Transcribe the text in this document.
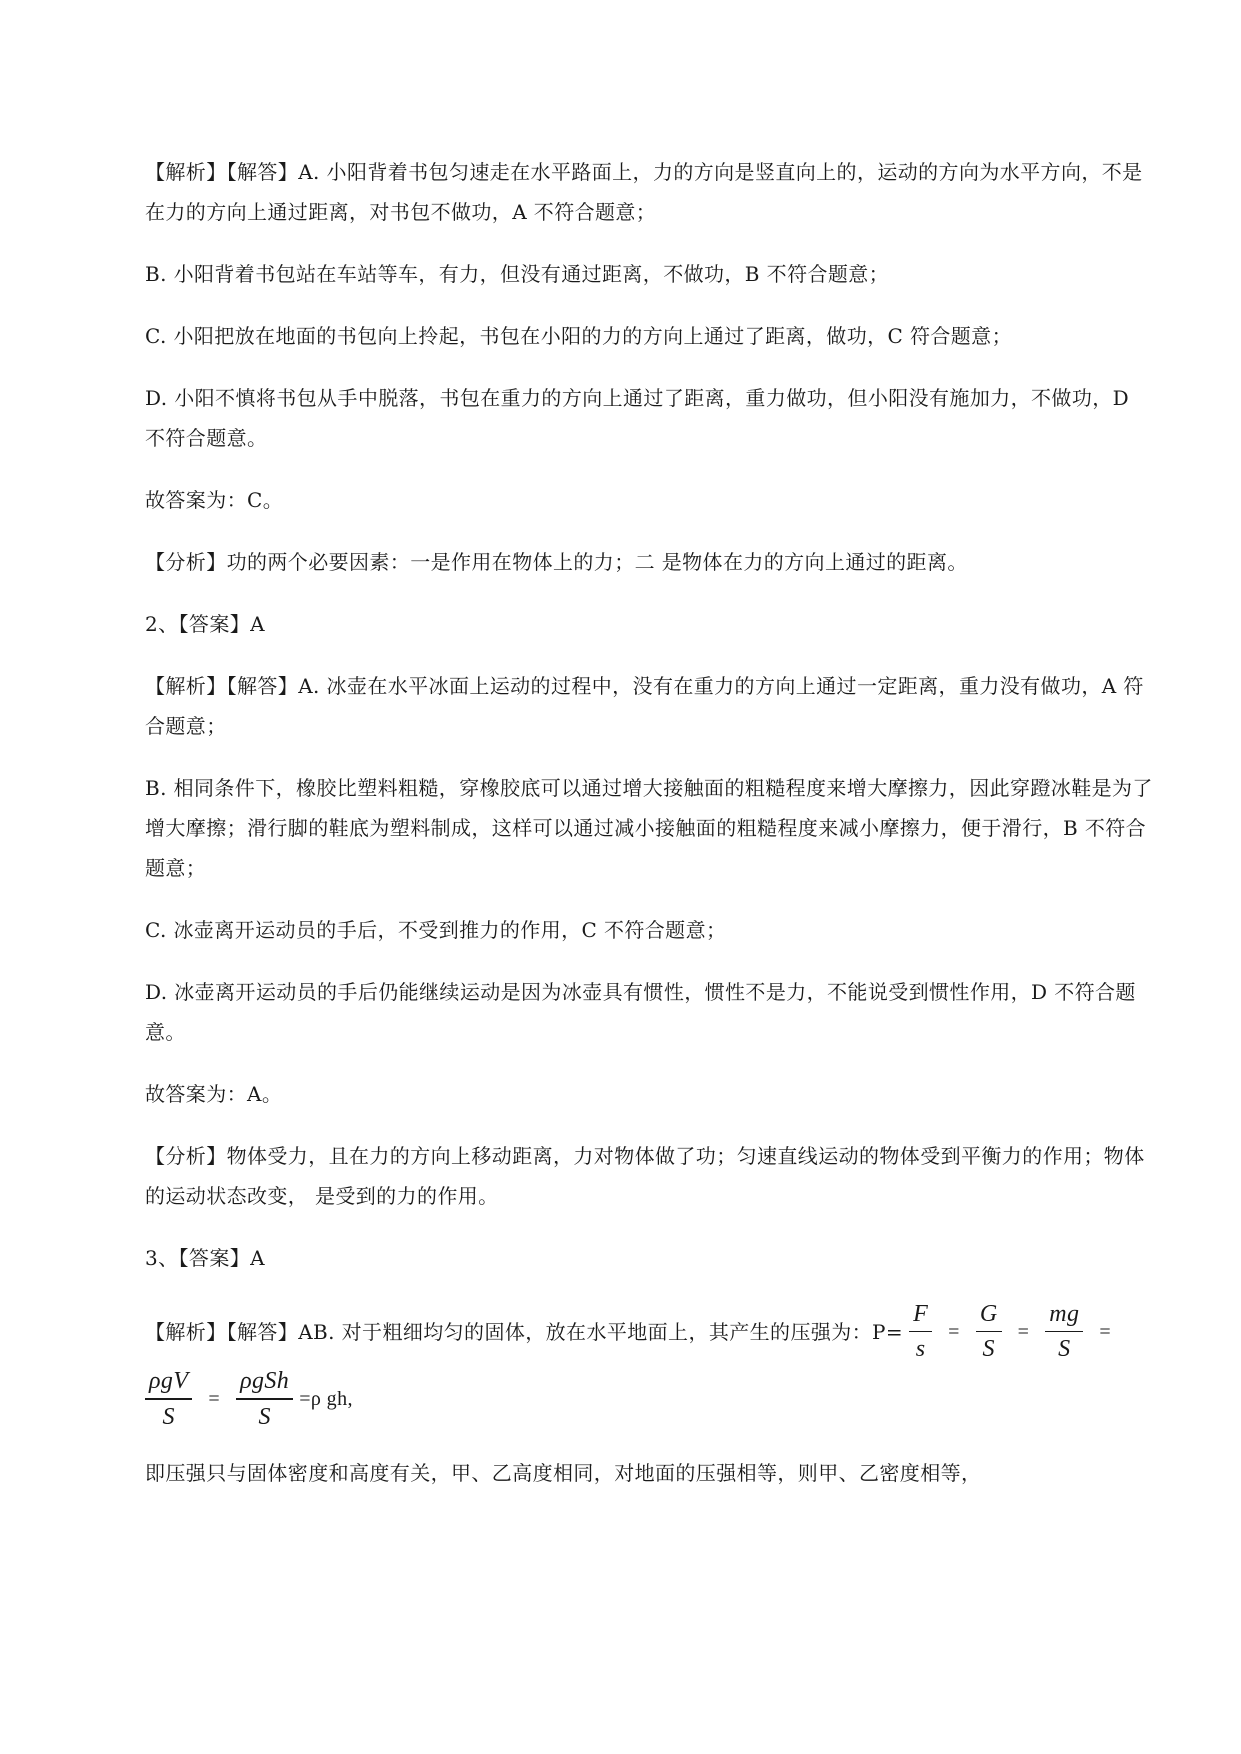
【解析】【解答】A. 小阳背着书包匀速走在水平路面上，力的方向是竖直向上的，运动的方向为水平方向，不是在力的方向上通过距离，对书包不做功，A 不符合题意；

B. 小阳背着书包站在车站等车，有力，但没有通过距离，不做功，B 不符合题意；

C. 小阳把放在地面的书包向上拎起，书包在小阳的力的方向上通过了距离，做功，C 符合题意；

D. 小阳不慎将书包从手中脱落，书包在重力的方向上通过了距离，重力做功，但小阳没有施加力，不做功，D 不符合题意。

故答案为：C。

【分析】功的两个必要因素：一是作用在物体上的力；二 是物体在力的方向上通过的距离。

2、【答案】A

【解析】【解答】A. 冰壶在水平冰面上运动的过程中，没有在重力的方向上通过一定距离，重力没有做功，A 符合题意；

B. 相同条件下，橡胶比塑料粗糙，穿橡胶底可以通过增大接触面的粗糙程度来增大摩擦力，因此穿蹬冰鞋是为了增大摩擦；滑行脚的鞋底为塑料制成，这样可以通过减小接触面的粗糙程度来减小摩擦力，便于滑行，B 不符合题意；

C. 冰壶离开运动员的手后，不受到推力的作用，C 不符合题意；

D. 冰壶离开运动员的手后仍能继续运动是因为冰壶具有惯性，惯性不是力，不能说受到惯性作用，D 不符合题意。

故答案为：A。

【分析】物体受力，且在力的方向上移动距离，力对物体做了功；匀速直线运动的物体受到平衡力的作用；物体的运动状态改变， 是受到的力的作用。

3、【答案】A

【解析】【解答】AB. 对于粗细均匀的固体，放在水平地面上，其产生的压强为：$P= \frac{F}{s} = \frac{G}{S} = \frac{mg}{S}$ =
$\frac{\text{ρgV}}{S} = \frac{\text{ρgSh}}{S} =\rho$ gh,

即压强只与固体密度和高度有关，甲、乙高度相同，对地面的压强相等，则甲、乙密度相等，
